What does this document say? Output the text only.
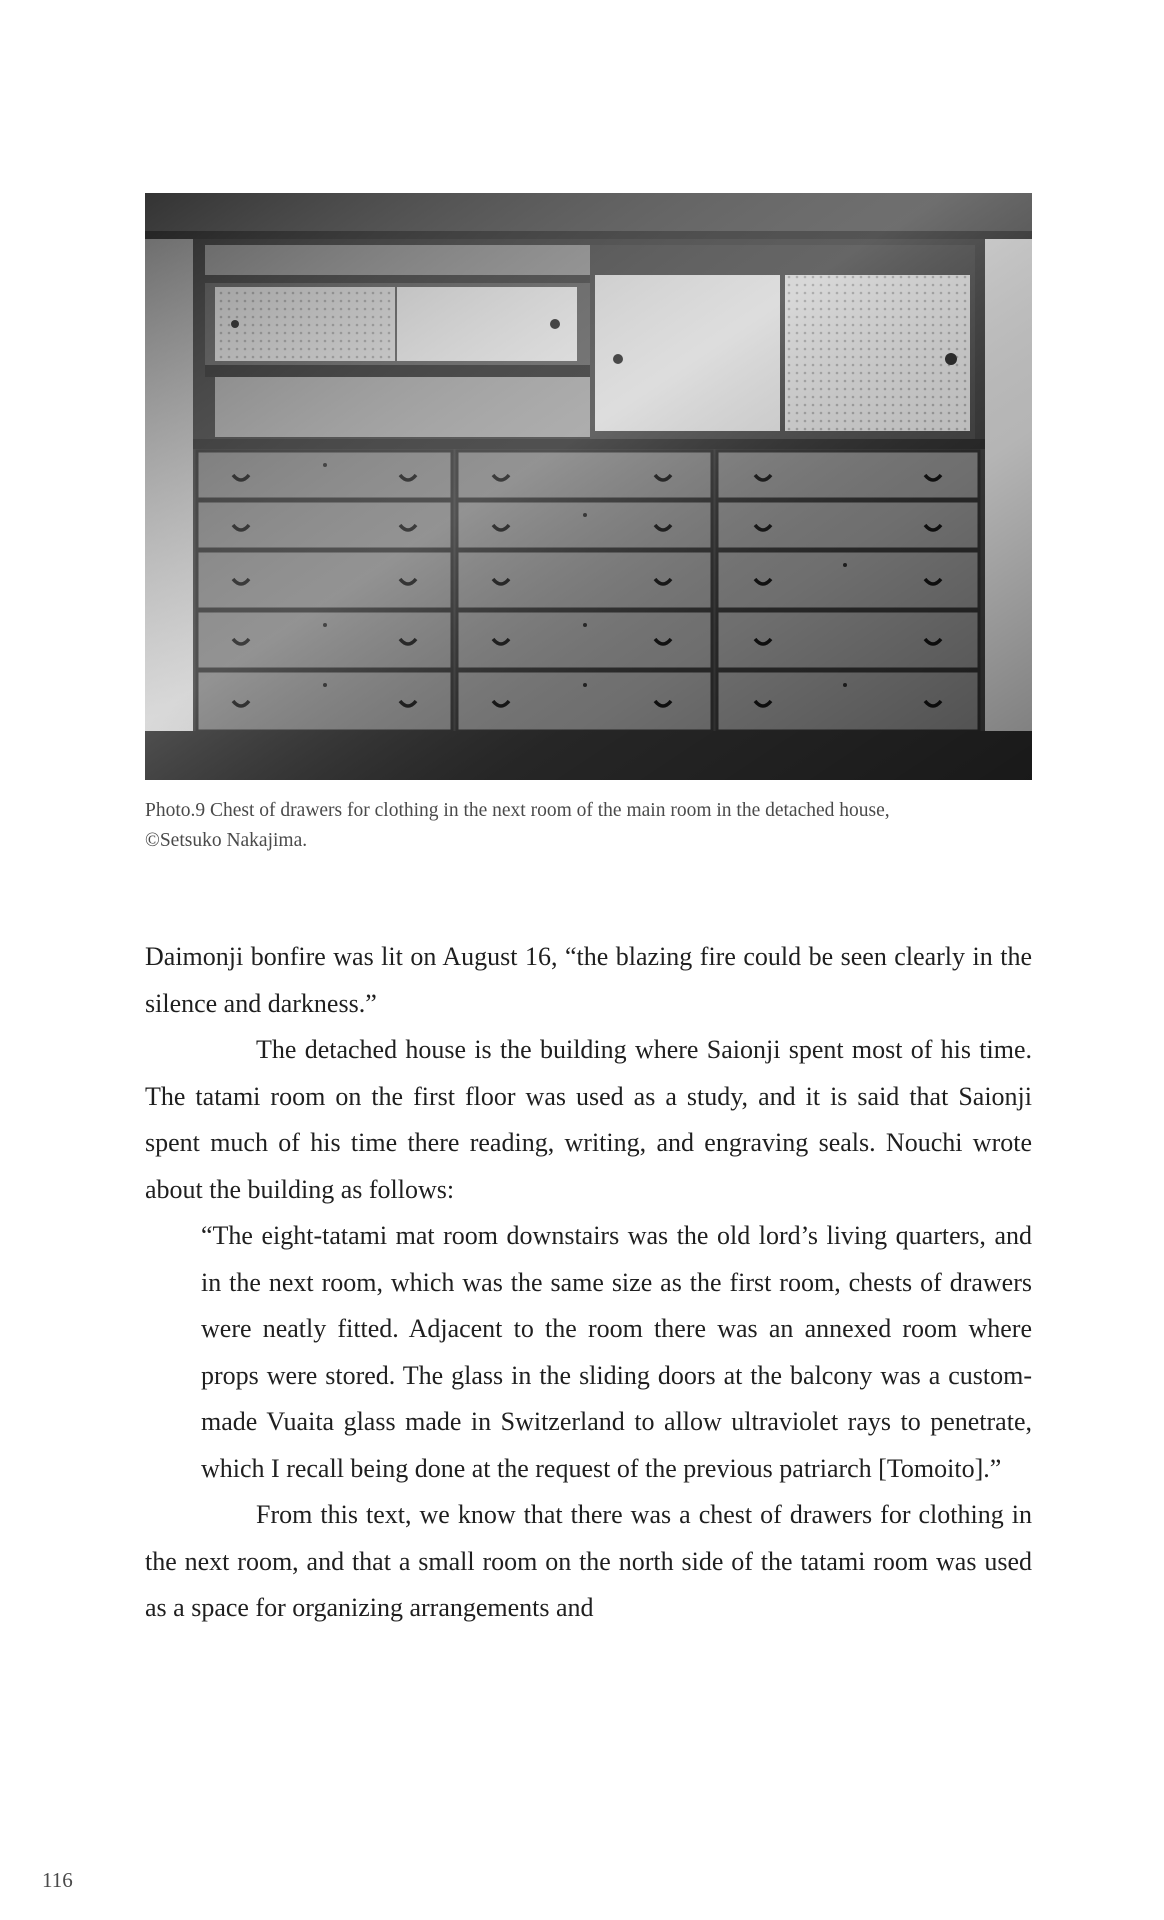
Photo.9 Chest of drawers for clothing in the next room of the main room in the detached house,
©Setsuko Nakajima.

Daimonji bonfire was lit on August 16, “the blazing fire could be seen clearly in the silence and darkness.”

The detached house is the building where Saionji spent most of his time. The tatami room on the first floor was used as a study, and it is said that Saionji spent much of his time there reading, writing, and engraving seals. Nouchi wrote about the building as follows:

“The eight-tatami mat room downstairs was the old lord’s living quarters, and in the next room, which was the same size as the first room, chests of drawers were neatly fitted. Adjacent to the room there was an annexed room where props were stored. The glass in the sliding doors at the balcony was a custom-made Vuaita glass made in Switzerland to allow ultraviolet rays to penetrate, which I recall being done at the request of the previous patriarch [Tomoito].”

From this text, we know that there was a chest of drawers for clothing in the next room, and that a small room on the north side of the tatami room was used as a space for organizing arrangements and

116
